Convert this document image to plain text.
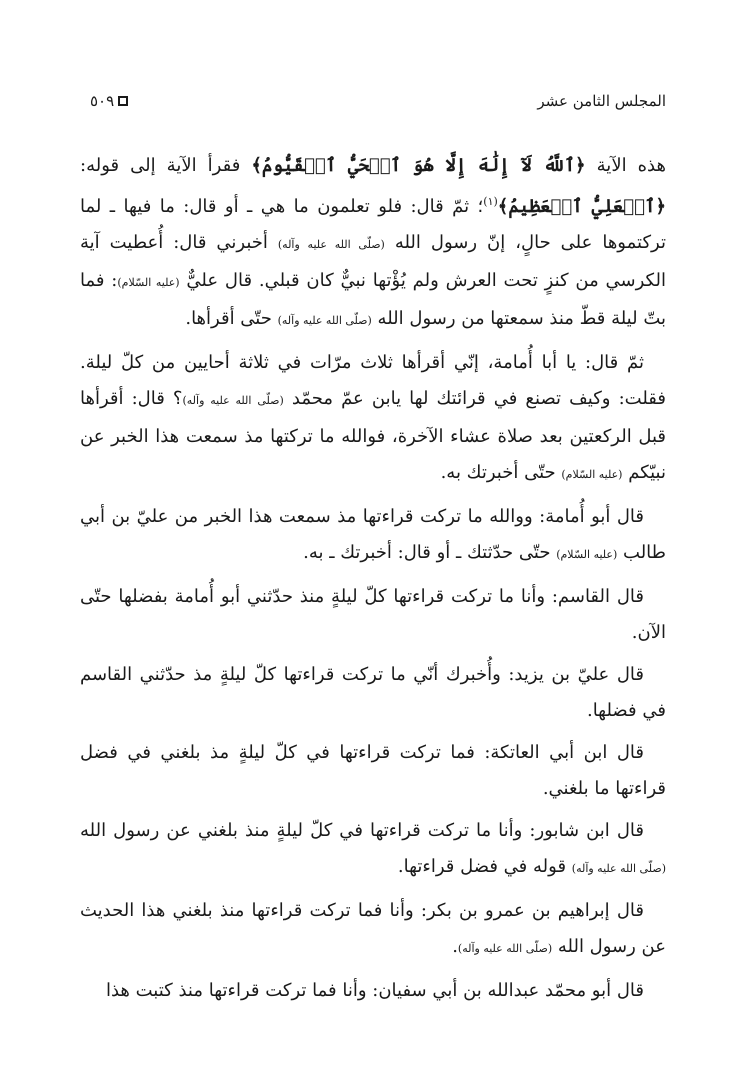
المجلس الثامن عشر
٥٠٩

هذه الآية ﴿ٱللَّهُ لَآ إِلَٰهَ إِلَّا هُوَ ٱلۡحَيُّ ٱلۡقَيُّومُ﴾ فقرأ الآية إلى قوله: ﴿ٱلۡعَلِيُّ ٱلۡعَظِيمُ﴾$^{(١)}$؛ ثمّ قال: فلو تعلمون ما هي ـ أو قال: ما فيها ـ لما تركتموها على حالٍ، إنّ رسول الله (صلّى الله عليه وآله) أخبرني قال: أُعطيت آية الكرسي من كنزٍ تحت العرش ولم يُؤْتها نبيٌّ كان قبلي. قال عليٌّ (عليه السّلام): فما بتّ ليلة قطّ منذ سمعتها من رسول الله (صلّى الله عليه وآله) حتّى أقرأها.

ثمّ قال: يا أبا أُمامة، إنّي أقرأها ثلاث مرّات في ثلاثة أحايين من كلّ ليلة. فقلت: وكيف تصنع في قرائتك لها يابن عمّ محمّد (صلّى الله عليه وآله)؟ قال: أقرأها قبل الركعتين بعد صلاة عشاء الآخرة، فوالله ما تركتها مذ سمعت هذا الخبر عن نبيّكم (عليه السّلام) حتّى أخبرتك به.

قال أبو أُمامة: ووالله ما تركت قراءتها مذ سمعت هذا الخبر من عليّ بن أبي طالب (عليه السّلام) حتّى حدّثتك ـ أو قال: أخبرتك ـ به.

قال القاسم: وأنا ما تركت قراءتها كلّ ليلةٍ منذ حدّثني أبو أُمامة بفضلها حتّى الآن.

قال عليّ بن يزيد: وأُخبرك أنّي ما تركت قراءتها كلّ ليلةٍ مذ حدّثني القاسم في فضلها.

قال ابن أبي العاتكة: فما تركت قراءتها في كلّ ليلةٍ مذ بلغني في فضل قراءتها ما بلغني.

قال ابن شابور: وأنا ما تركت قراءتها في كلّ ليلةٍ منذ بلغني عن رسول الله (صلّى الله عليه وآله) قوله في فضل قراءتها.

قال إبراهيم بن عمرو بن بكر: وأنا فما تركت قراءتها منذ بلغني هذا الحديث عن رسول الله (صلّى الله عليه وآله).

قال أبو محمّد عبدالله بن أبي سفيان: وأنا فما تركت قراءتها منذ كتبت هذا
